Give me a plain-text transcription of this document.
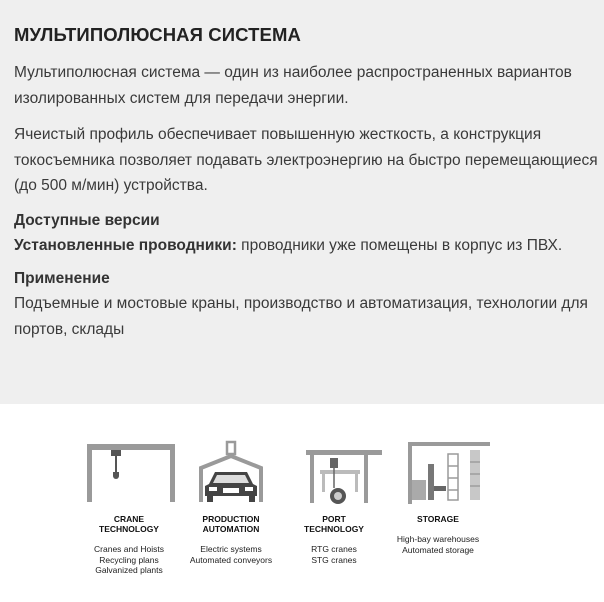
МУЛЬТИПОЛЮСНАЯ СИСТЕМА

Мультиполюсная система — один из наиболее распространенных вариантов изолированных систем для передачи энергии.

Ячеистый профиль обеспечивает повышенную жесткость, а конструкция токосъемника позволяет подавать электроэнергию на быстро перемещающиеся (до 500 м/мин) устройства.

Доступные версии

Установленные проводники: проводники уже помещены в корпус из ПВХ.

Применение

Подъемные и мостовые краны, производство и автоматизация, технологии для портов, склады

CRANE
TECHNOLOGY
Cranes and Hoists
Recycling plans
Galvanized plants
PRODUCTION
AUTOMATION
Electric systems
Automated conveyors
PORT
TECHNOLOGY
RTG cranes
STG cranes
STORAGE
High-bay warehouses
Automated storage
